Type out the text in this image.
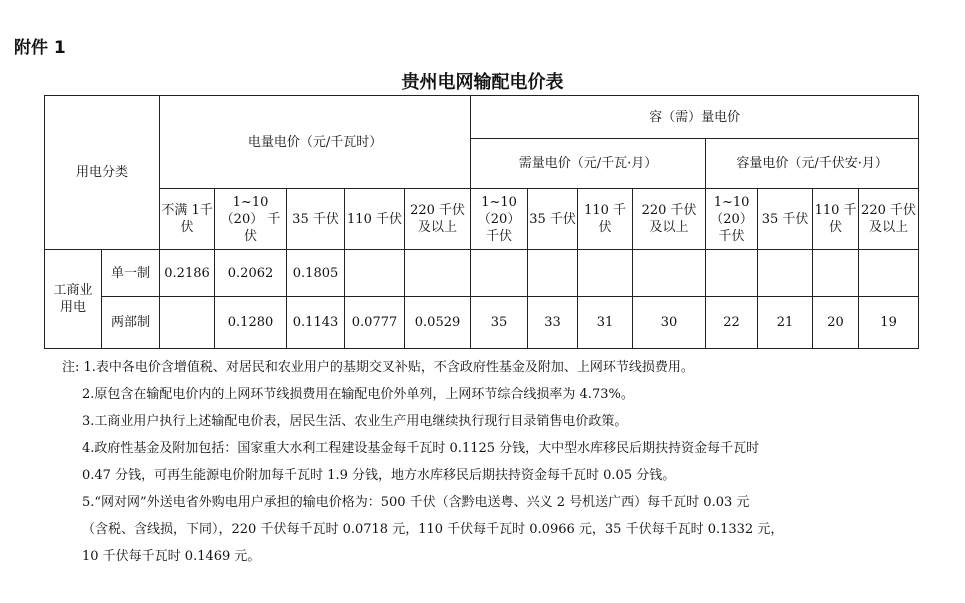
附件 1
贵州电网输配电价表
用电分类		电量电价（元/千瓦时）					容（需）量电价							
							需量电价（元/千瓦·月）				容量电价（元/千伏安·月）			
		不满 1千伏	1~10（20） 千伏	35 千伏	110 千伏	220 千伏 及以上	1~10 （20） 千伏	35 千伏	110 千伏	220 千伏 及以上	1~10 （20） 千伏	35 千伏	110 千伏	220 千伏 及以上
工商业 用电	单一制	0.2186	0.2062	0.1805										
	两部制		0.1280	0.1143	0.0777	0.0529	35	33	31	30	22	21	20	19
注: 1.表中各电价含增值税、对居民和农业用户的基期交叉补贴，不含政府性基金及附加、上网环节线损费用。
2.原包含在输配电价内的上网环节线损费用在输配电价外单列，上网环节综合线损率为 4.73%。
3.工商业用户执行上述输配电价表，居民生活、农业生产用电继续执行现行目录销售电价政策。
4.政府性基金及附加包括：国家重大水利工程建设基金每千瓦时 0.1125 分钱，大中型水库移民后期扶持资金每千瓦时
0.47 分钱，可再生能源电价附加每千瓦时 1.9 分钱，地方水库移民后期扶持资金每千瓦时 0.05 分钱。
5.“网对网”外送电省外购电用户承担的输电价格为：500 千伏（含黔电送粤、兴义 2 号机送广西）每千瓦时 0.03 元
（含税、含线损，下同），220 千伏每千瓦时 0.0718 元，110 千伏每千瓦时 0.0966 元，35 千伏每千瓦时 0.1332 元，
10 千伏每千瓦时 0.1469 元。
